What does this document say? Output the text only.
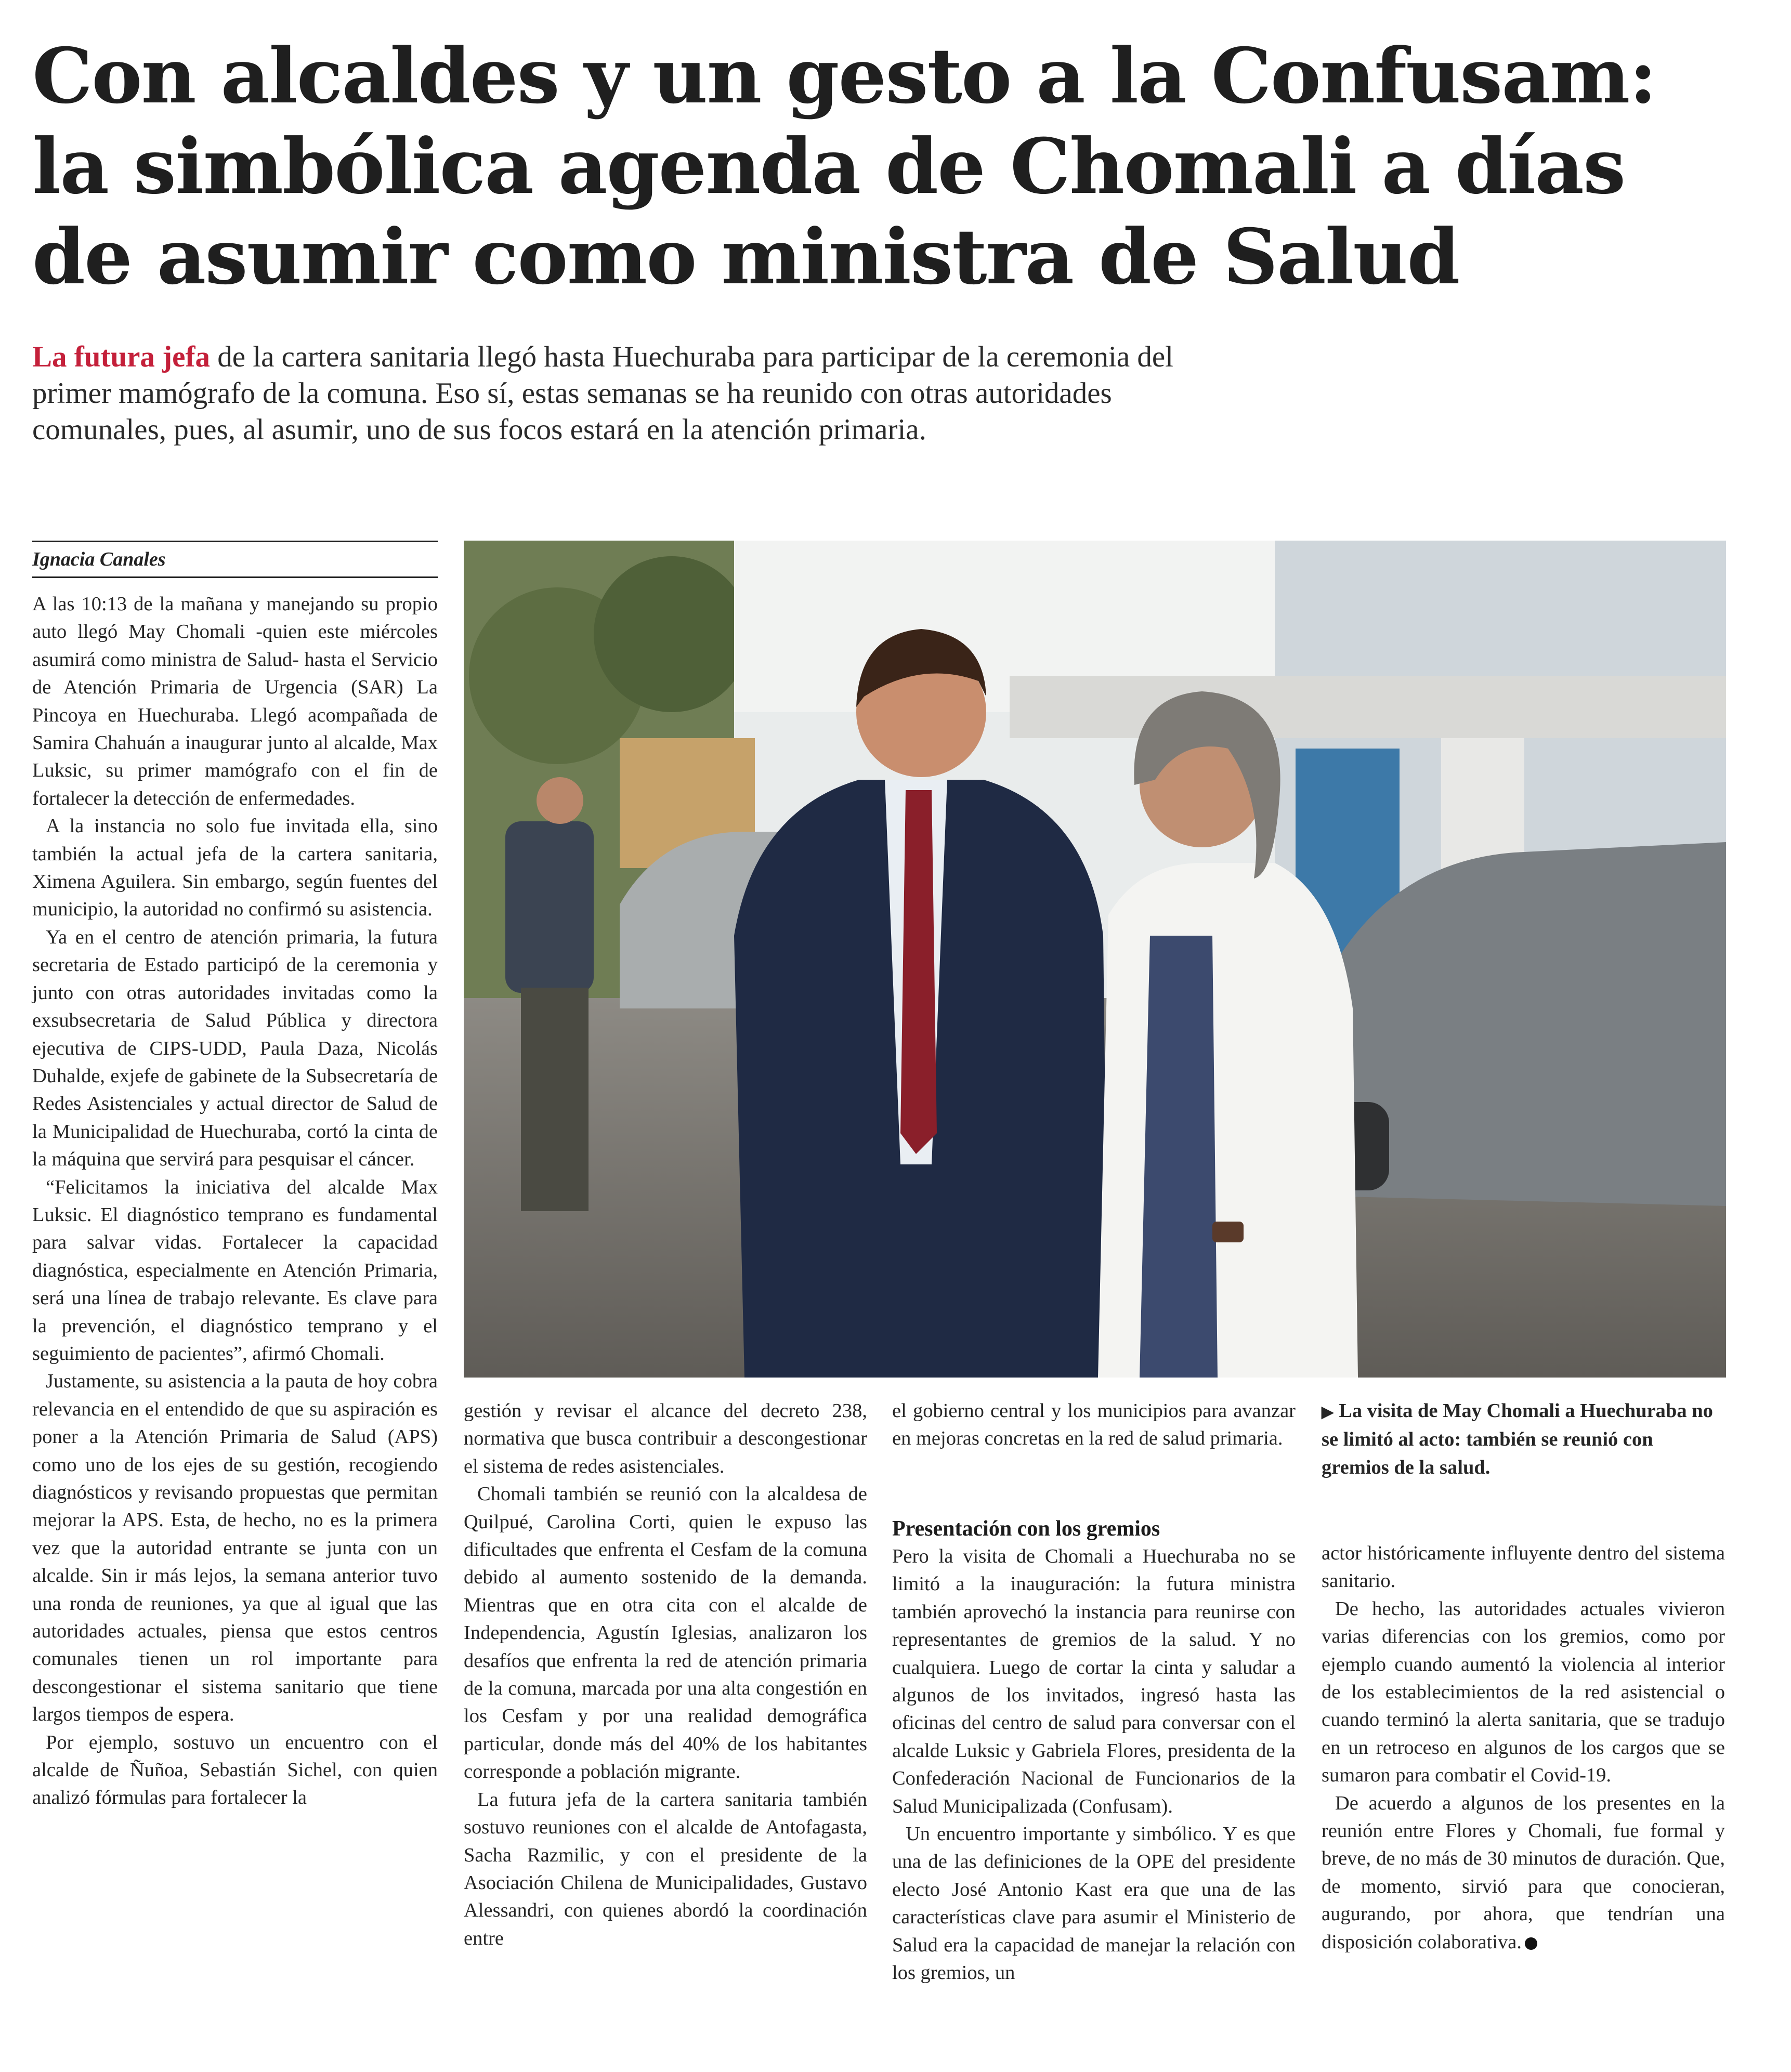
Con alcaldes y un gesto a la Confusam:
la simbólica agenda de Chomali a días
de asumir como ministra de Salud

La futura jefa de la cartera sanitaria llegó hasta Huechuraba para participar de la ceremonia del primer mamógrafo de la comuna. Eso sí, estas semanas se ha reunido con otras autoridades comunales, pues, al asumir, uno de sus focos estará en la atención primaria.

Ignacia Canales

A las 10:13 de la mañana y manejando su propio auto llegó May Chomali -quien este miércoles asumirá como ministra de Salud- hasta el Servicio de Atención Primaria de Urgencia (SAR) La Pincoya en Huechuraba. Llegó acompañada de Samira Chahuán a inaugurar junto al alcalde, Max Luksic, su primer mamógrafo con el fin de fortalecer la detección de enfermedades.

A la instancia no solo fue invitada ella, sino también la actual jefa de la cartera sanitaria, Ximena Aguilera. Sin embargo, según fuentes del municipio, la autoridad no confirmó su asistencia.

Ya en el centro de atención primaria, la futura secretaria de Estado participó de la ceremonia y junto con otras autoridades invitadas como la exsubsecretaria de Salud Pública y directora ejecutiva de CIPS-UDD, Paula Daza, Nicolás Duhalde, exjefe de gabinete de la Subsecretaría de Redes Asistenciales y actual director de Salud de la Municipalidad de Huechuraba, cortó la cinta de la máquina que servirá para pesquisar el cáncer.

“Felicitamos la iniciativa del alcalde Max Luksic. El diagnóstico temprano es fundamental para salvar vidas. Fortalecer la capacidad diagnóstica, especialmente en Atención Primaria, será una línea de trabajo relevante. Es clave para la prevención, el diagnóstico temprano y el seguimiento de pacientes”, afirmó Chomali.

Justamente, su asistencia a la pauta de hoy cobra relevancia en el entendido de que su aspiración es poner a la Atención Primaria de Salud (APS) como uno de los ejes de su gestión, recogiendo diagnósticos y revisando propuestas que permitan mejorar la APS. Esta, de hecho, no es la primera vez que la autoridad entrante se junta con un alcalde. Sin ir más lejos, la semana anterior tuvo una ronda de reuniones, ya que al igual que las autoridades actuales, piensa que estos centros comunales tienen un rol importante para descongestionar el sistema sanitario que tiene largos tiempos de espera.

Por ejemplo, sostuvo un encuentro con el alcalde de Ñuñoa, Sebastián Sichel, con quien analizó fórmulas para fortalecer la

gestión y revisar el alcance del decreto 238, normativa que busca contribuir a descongestionar el sistema de redes asistenciales.

Chomali también se reunió con la alcaldesa de Quilpué, Carolina Corti, quien le expuso las dificultades que enfrenta el Cesfam de la comuna debido al aumento sostenido de la demanda. Mientras que en otra cita con el alcalde de Independencia, Agustín Iglesias, analizaron los desafíos que enfrenta la red de atención primaria de la comuna, marcada por una alta congestión en los Cesfam y por una realidad demográfica particular, donde más del 40% de los habitantes corresponde a población migrante.

La futura jefa de la cartera sanitaria también sostuvo reuniones con el alcalde de Antofagasta, Sacha Razmilic, y con el presidente de la Asociación Chilena de Municipalidades, Gustavo Alessandri, con quienes abordó la coordinación entre

el gobierno central y los municipios para avanzar en mejoras concretas en la red de salud primaria.

Presentación con los gremios

Pero la visita de Chomali a Huechuraba no se limitó a la inauguración: la futura ministra también aprovechó la instancia para reunirse con representantes de gremios de la salud. Y no cualquiera. Luego de cortar la cinta y saludar a algunos de los invitados, ingresó hasta las oficinas del centro de salud para conversar con el alcalde Luksic y Gabriela Flores, presidenta de la Confederación Nacional de Funcionarios de la Salud Municipalizada (Confusam).

Un encuentro importante y simbólico. Y es que una de las definiciones de la OPE del presidente electo José Antonio Kast era que una de las características clave para asumir el Ministerio de Salud era la capacidad de manejar la relación con los gremios, un

▶ La visita de May Chomali a Huechuraba no se limitó al acto: también se reunió con gremios de la salud.

actor históricamente influyente dentro del sistema sanitario.

De hecho, las autoridades actuales vivieron varias diferencias con los gremios, como por ejemplo cuando aumentó la violencia al interior de los establecimientos de la red asistencial o cuando terminó la alerta sanitaria, que se tradujo en un retroceso en algunos de los cargos que se sumaron para combatir el Covid-19.

De acuerdo a algunos de los presentes en la reunión entre Flores y Chomali, fue formal y breve, de no más de 30 minutos de duración. Que, de momento, sirvió para que conocieran, augurando, por ahora, que tendrían una disposición colaborativa.
